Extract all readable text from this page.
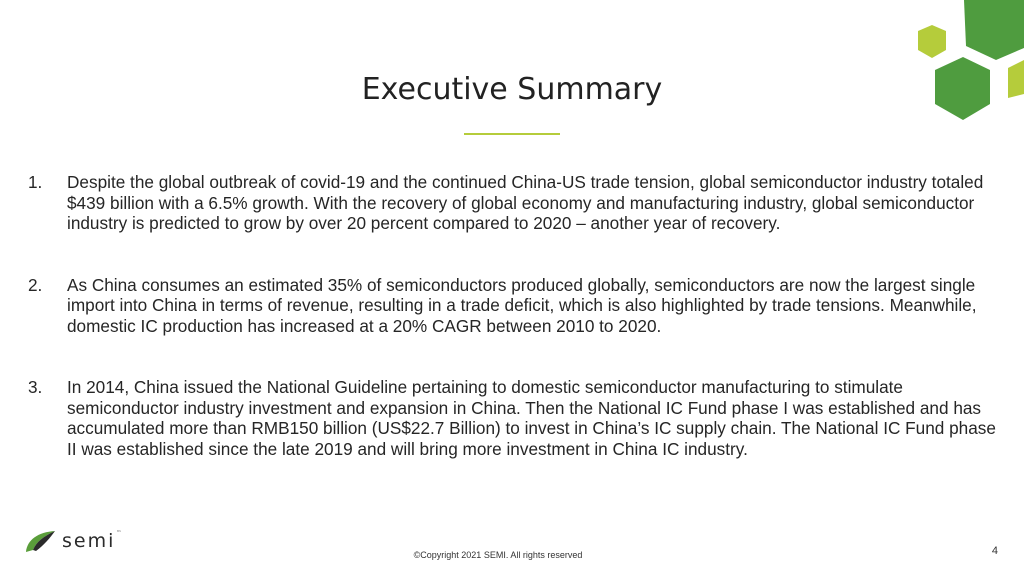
Executive Summary
1.	Despite the global outbreak of covid-19 and the continued China-US trade tension, global semiconductor industry totaled $439 billion with a 6.5% growth. With the recovery of global economy and manufacturing industry, global semiconductor industry is predicted to grow by over 20 percent compared to 2020 – another year of recovery.
2.	As China consumes an estimated 35% of semiconductors produced globally, semiconductors are now the largest single import into China in terms of revenue, resulting in a trade deficit, which is also highlighted by trade tensions. Meanwhile, domestic IC production has increased at a 20% CAGR between 2010 to 2020.
3.	In 2014, China issued the National Guideline pertaining to domestic semiconductor manufacturing to stimulate semiconductor industry investment and expansion in China. Then the National IC Fund phase I was established and has accumulated more than RMB150 billion (US$22.7 Billion) to invest in China’s IC supply chain. The National IC Fund phase II was established since the late 2019 and will bring more investment in China IC industry.
semi™
©Copyright 2021 SEMI. All rights reserved	4
